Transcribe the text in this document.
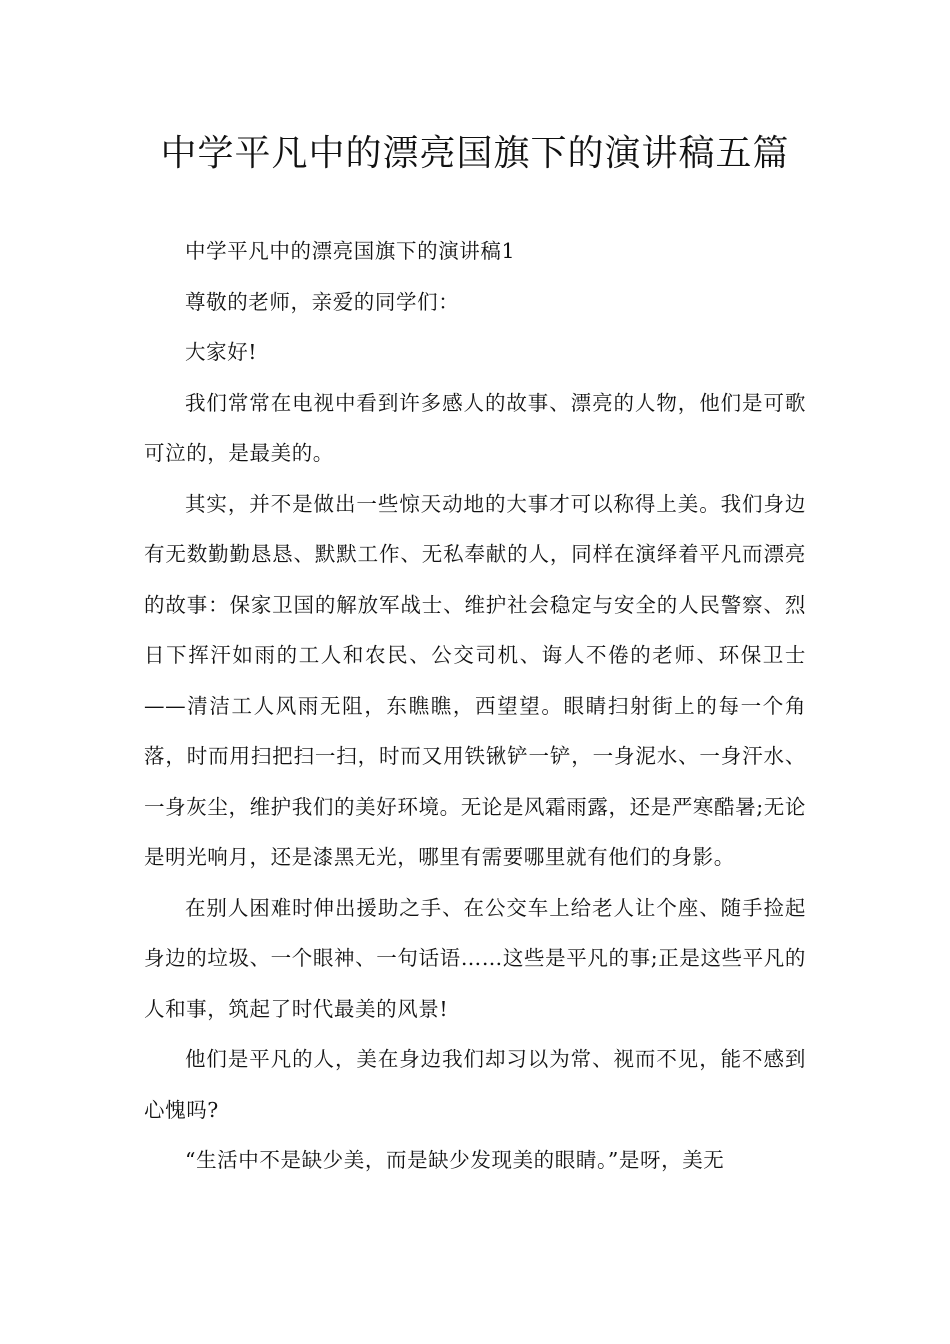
中学平凡中的漂亮国旗下的演讲稿五篇

中学平凡中的漂亮国旗下的演讲稿1

尊敬的老师，亲爱的同学们：

大家好!

我们常常在电视中看到许多感人的故事、漂亮的人物，他们是可歌可泣的，是最美的。

其实，并不是做出一些惊天动地的大事才可以称得上美。我们身边有无数勤勤恳恳、默默工作、无私奉献的人，同样在演绎着平凡而漂亮的故事：保家卫国的解放军战士、维护社会稳定与安全的人民警察、烈日下挥汗如雨的工人和农民、公交司机、诲人不倦的老师、环保卫士——清洁工人风雨无阻，东瞧瞧，西望望。眼睛扫射街上的每一个角落，时而用扫把扫一扫，时而又用铁锹铲一铲，一身泥水、一身汗水、一身灰尘，维护我们的美好环境。无论是风霜雨露，还是严寒酷暑;无论是明光响月，还是漆黑无光，哪里有需要哪里就有他们的身影。

在别人困难时伸出援助之手、在公交车上给老人让个座、随手捡起身边的垃圾、一个眼神、一句话语……这些是平凡的事;正是这些平凡的人和事，筑起了时代最美的风景!

他们是平凡的人，美在身边我们却习以为常、视而不见，能不感到心愧吗?

“生活中不是缺少美，而是缺少发现美的眼睛。”是呀，美无
